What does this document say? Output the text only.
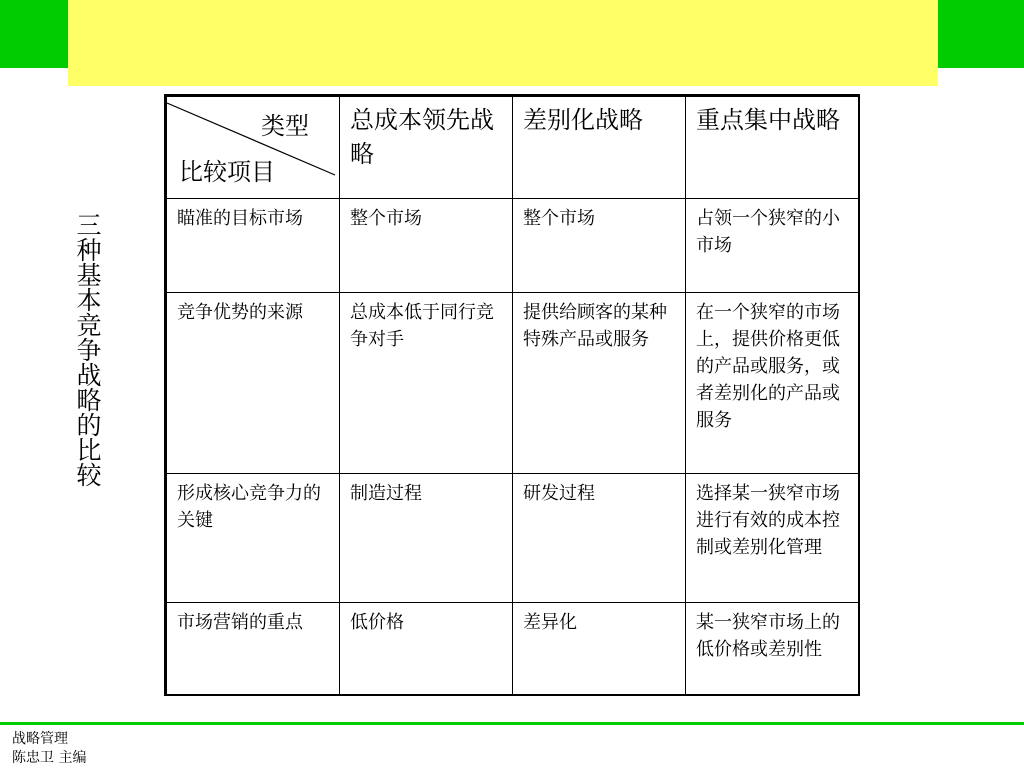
三种基本竞争战略的比较
类型
比较项目	总成本领先战略	差别化战略	重点集中战略
瞄准的目标市场	整个市场	整个市场	占领一个狭窄的小市场
竞争优势的来源	总成本低于同行竞争对手	提供给顾客的某种特殊产品或服务	在一个狭窄的市场上，提供价格更低的产品或服务，或者差别化的产品或服务
形成核心竞争力的关键	制造过程	研发过程	选择某一狭窄市场进行有效的成本控制或差别化管理
市场营销的重点	低价格	差异化	某一狭窄市场上的低价格或差别性
战略管理
陈忠卫 主编
